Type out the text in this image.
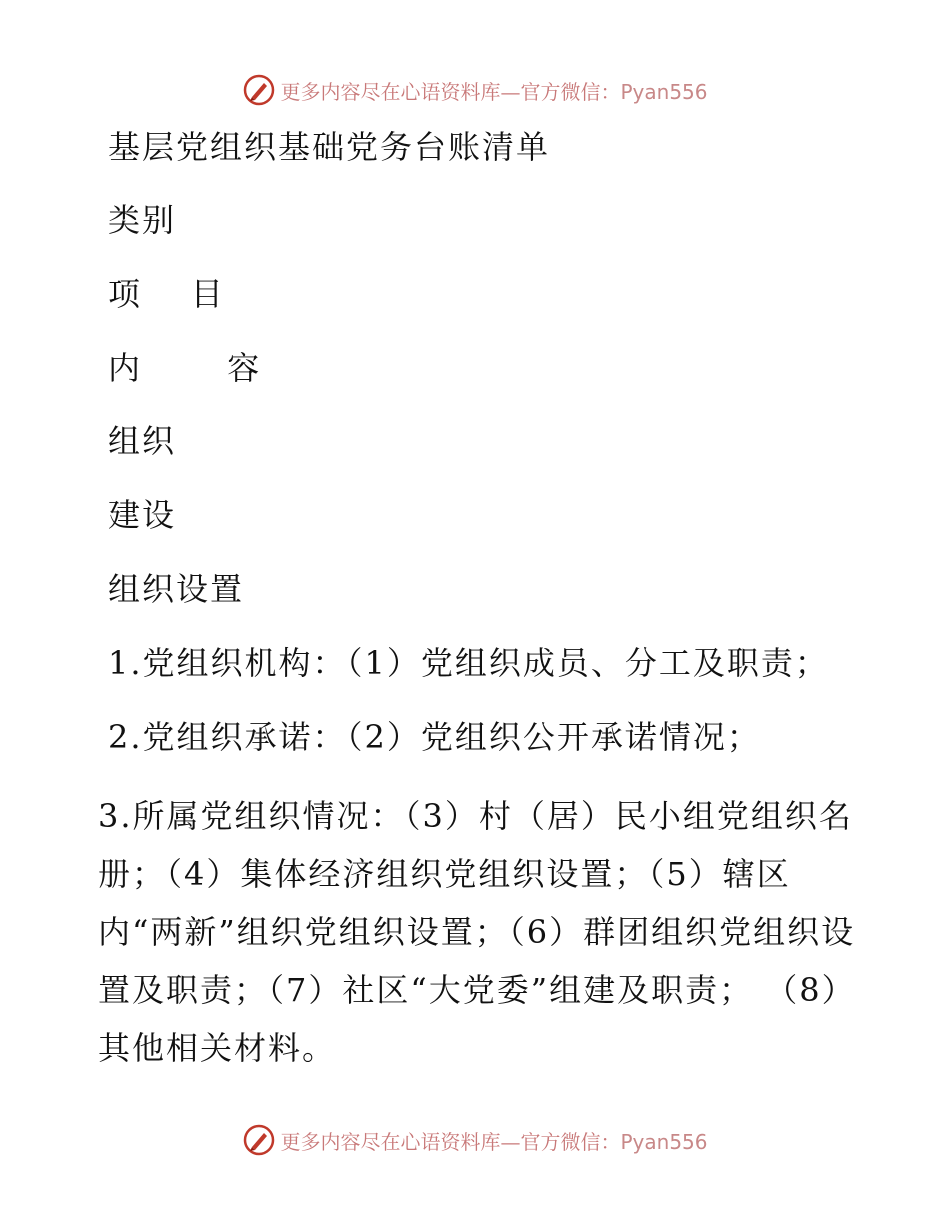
更多内容尽在心语资料库—官方微信：Pyan556
基层党组织基础党务台账清单
类别
项    目
内       容
组织
建设
组织设置
1.党组织机构：（1）党组织成员、分工及职责；
2.党组织承诺：（2）党组织公开承诺情况；
3.所属党组织情况：（3）村（居）民小组党组织名册；（4）集体经济组织党组织设置；（5）辖区内“两新”组织党组织设置；（6）群团组织党组织设置及职责；（7）社区“大党委”组建及职责； （8）其他相关材料。
更多内容尽在心语资料库—官方微信：Pyan556
